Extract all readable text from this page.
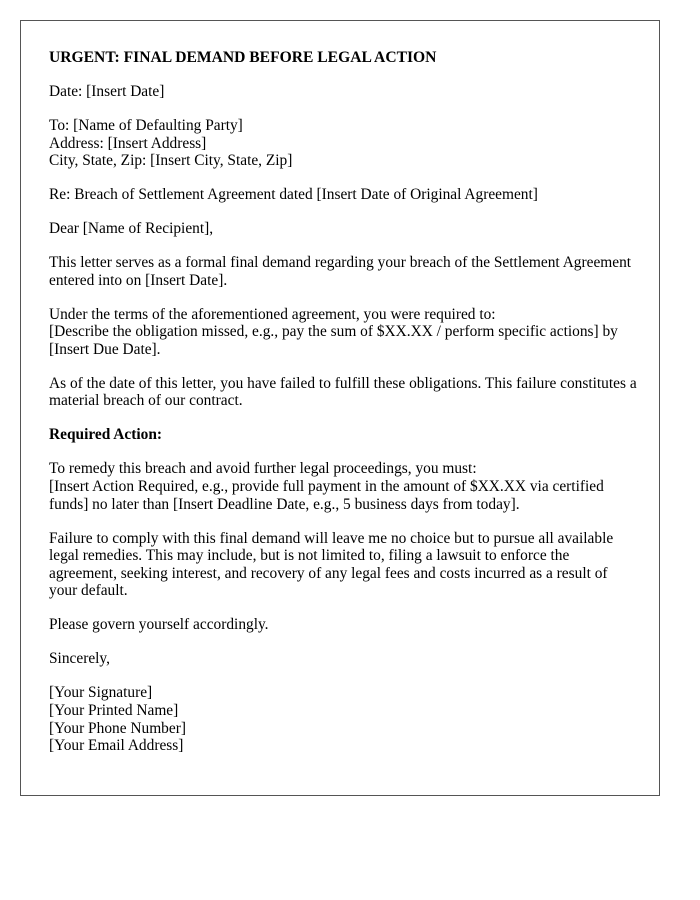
URGENT: FINAL DEMAND BEFORE LEGAL ACTION

Date: [Insert Date]

To: [Name of Defaulting Party]
Address: [Insert Address]
City, State, Zip: [Insert City, State, Zip]

Re: Breach of Settlement Agreement dated [Insert Date of Original Agreement]

Dear [Name of Recipient],

This letter serves as a formal final demand regarding your breach of the Settlement Agreement entered into on [Insert Date].

Under the terms of the aforementioned agreement, you were required to:
[Describe the obligation missed, e.g., pay the sum of $XX.XX / perform specific actions] by [Insert Due Date].

As of the date of this letter, you have failed to fulfill these obligations. This failure constitutes a material breach of our contract.

Required Action:

To remedy this breach and avoid further legal proceedings, you must:
[Insert Action Required, e.g., provide full payment in the amount of $XX.XX via certified funds] no later than [Insert Deadline Date, e.g., 5 business days from today].

Failure to comply with this final demand will leave me no choice but to pursue all available legal remedies. This may include, but is not limited to, filing a lawsuit to enforce the agreement, seeking interest, and recovery of any legal fees and costs incurred as a result of your default.

Please govern yourself accordingly.

Sincerely,

[Your Signature]
[Your Printed Name]
[Your Phone Number]
[Your Email Address]
